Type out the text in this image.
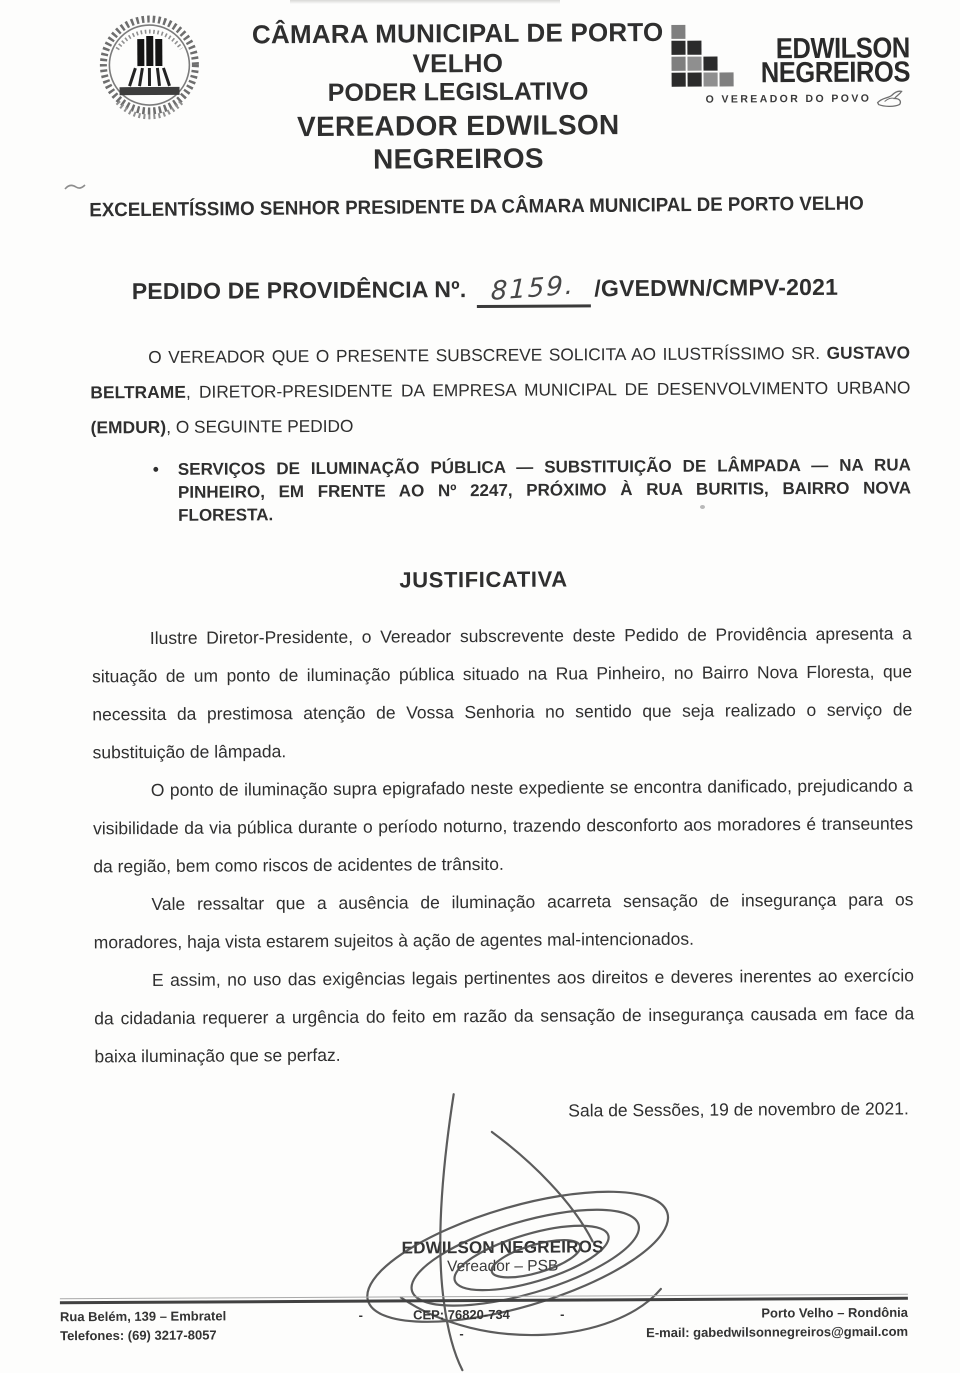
CÂMARA MUNICIPAL DE PORTO VELHO
PODER LEGISLATIVO
VEREADOR EDWILSON NEGREIROS
EDWILSON
NEGREIROS
O VEREADOR DO POVO
EXCELENTÍSSIMO SENHOR PRESIDENTE DA CÂMARA MUNICIPAL DE PORTO VELHO
PEDIDO DE PROVIDÊNCIA Nº. 8159. /GVEDWN/CMPV-2021

O VEREADOR QUE O PRESENTE SUBSCREVE SOLICITA AO ILUSTRÍSSIMO SR. GUSTAVO BELTRAME, DIRETOR-PRESIDENTE DA EMPRESA MUNICIPAL DE DESENVOLVIMENTO URBANO (EMDUR), O SEGUINTE PEDIDO

•	SERVIÇOS DE ILUMINAÇÃO PÚBLICA — SUBSTITUIÇÃO DE LÂMPADA — NA RUA PINHEIRO, EM FRENTE AO Nº 2247, PRÓXIMO À RUA BURITIS, BAIRRO NOVA FLORESTA.
JUSTIFICATIVA

Ilustre Diretor-Presidente, o Vereador subscrevente deste Pedido de Providência apresenta a situação de um ponto de iluminação pública situado na Rua Pinheiro, no Bairro Nova Floresta, que necessita da prestimosa atenção de Vossa Senhoria no sentido que seja realizado o serviço de substituição de lâmpada.

O ponto de iluminação supra epigrafado neste expediente se encontra danificado, prejudicando a visibilidade da via pública durante o período noturno, trazendo desconforto aos moradores é transeuntes da região, bem como riscos de acidentes de trânsito.

Vale ressaltar que a ausência de iluminação acarreta sensação de insegurança para os moradores, haja vista estarem sujeitos à ação de agentes mal-intencionados.

E assim, no uso das exigências legais pertinentes aos direitos e deveres inerentes ao exercício da cidadania requerer a urgência do feito em razão da sensação de insegurança causada em face da baixa iluminação que se perfaz.

Sala de Sessões, 19 de novembro de 2021.
EDWILSON NEGREIROS
Vereador – PSB
Rua Belém, 139 – Embratel	-	CEP: 76820-734	-	Porto Velho – Rondônia
Telefones: (69) 3217-8057	-	E-mail: gabedwilsonnegreiros@gmail.com
